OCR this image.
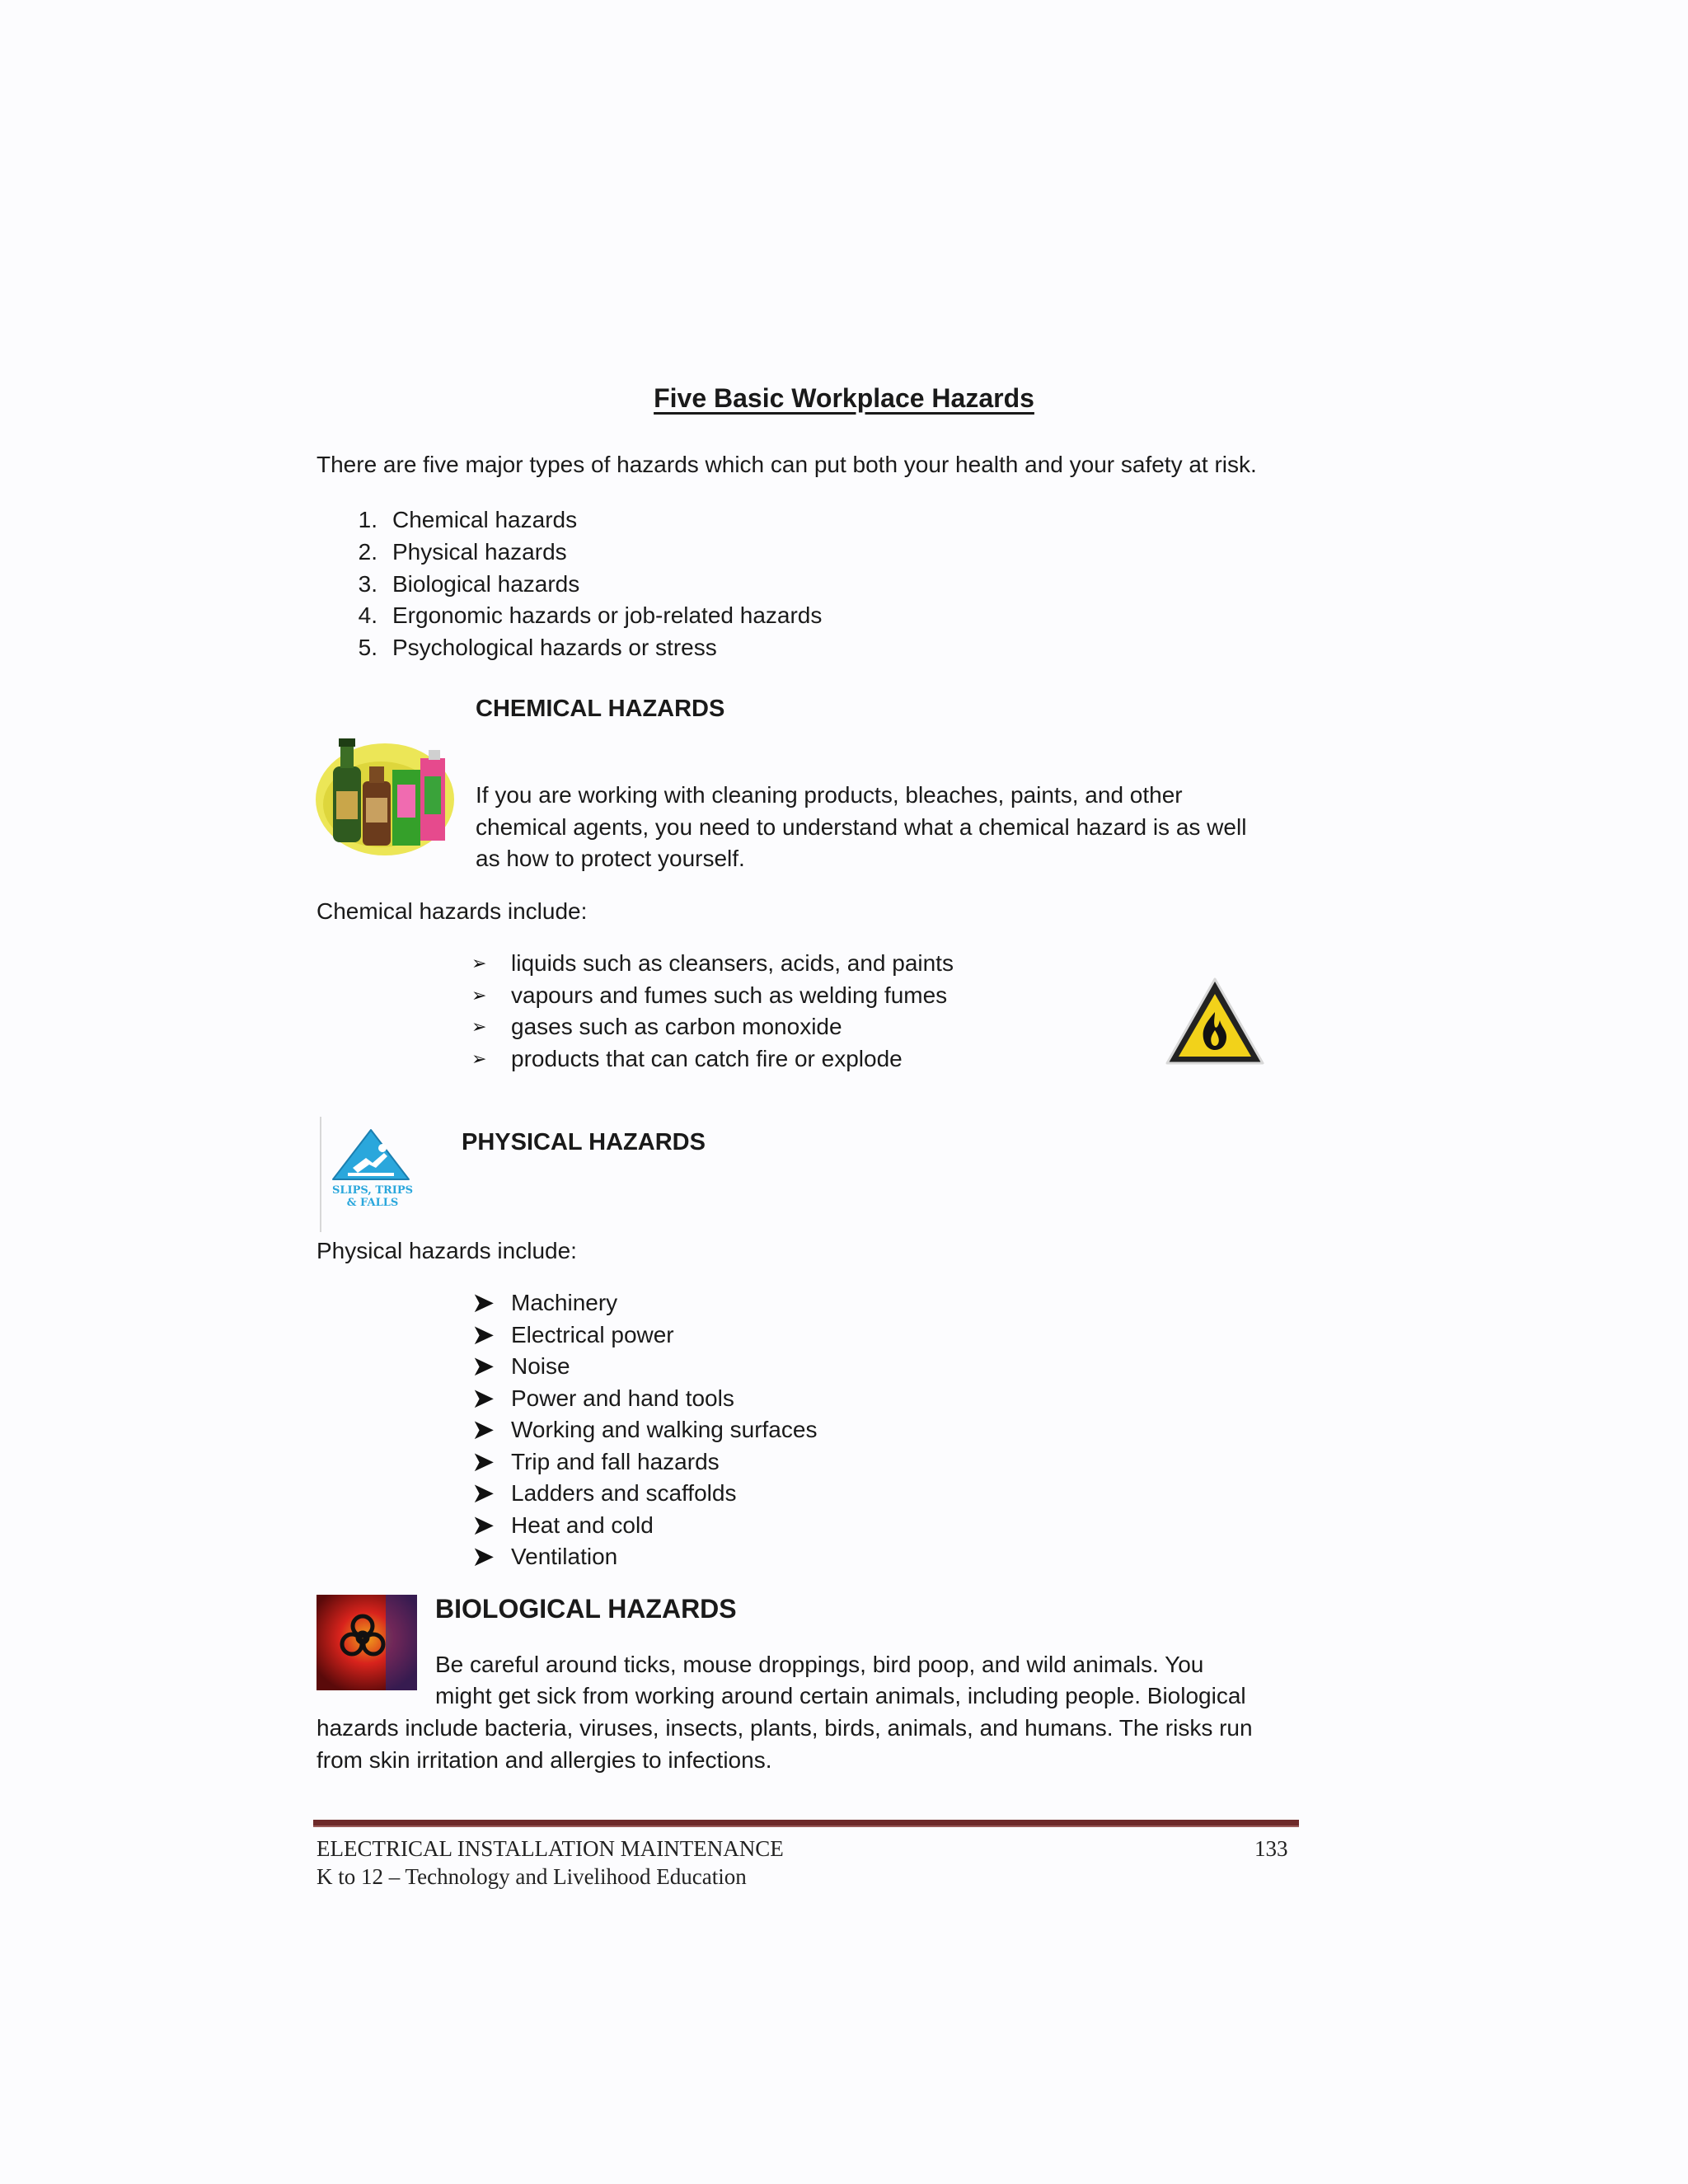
Five Basic Workplace Hazards
There are five major types of hazards which can put both your health and your safety at risk.
1. Chemical hazards
2. Physical hazards
3. Biological hazards
4. Ergonomic hazards or job-related hazards
5. Psychological hazards or stress
CHEMICAL HAZARDS
If you are working with cleaning products, bleaches, paints, and other
chemical agents, you need to understand what a chemical hazard is as well
as how to protect yourself.
Chemical hazards include:
➢	liquids such as cleansers, acids, and paints
➢	vapours and fumes such as welding fumes
➢	gases such as carbon monoxide
➢	products that can catch fire or explode
SLIPS, TRIPS
& FALLS
PHYSICAL HAZARDS
Physical hazards include:
➤ Machinery
➤ Electrical power
➤ Noise
➤ Power and hand tools
➤ Working and walking surfaces
➤ Trip and fall hazards
➤ Ladders and scaffolds
➤ Heat and cold
➤ Ventilation
BIOLOGICAL HAZARDS
Be careful around ticks, mouse droppings, bird poop, and wild animals. You
might get sick from working around certain animals, including people. Biological
hazards include bacteria, viruses, insects, plants, birds, animals, and humans. The risks run
from skin irritation and allergies to infections.
ELECTRICAL INSTALLATION MAINTENANCE
K to 12 – Technology and Livelihood Education
133
